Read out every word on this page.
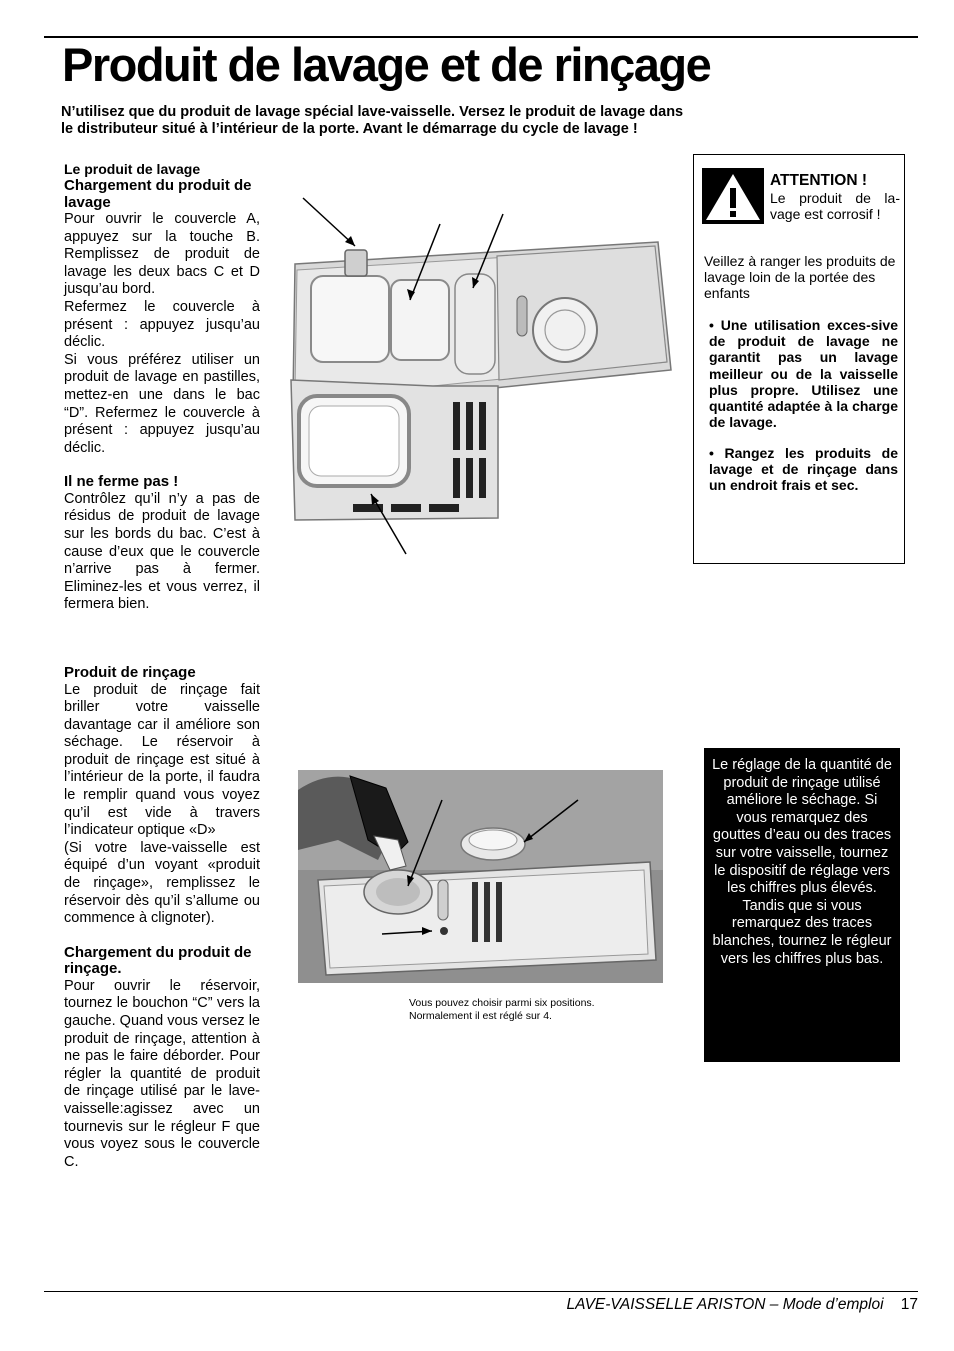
Produit de lavage et de rinçage

N’utilisez que du produit de lavage spécial lave-vaisselle. Versez le produit de lavage dans le distributeur situé à l’intérieur de la porte. Avant le démarrage du cycle de lavage !

Le produit de lavage

Chargement du produit de lavage

Pour ouvrir le couvercle A, appuyez sur la touche B. Remplissez de produit de lavage les deux bacs C et D jusqu’au bord.

Refermez le couvercle à présent : appuyez jusqu’au déclic.

Si vous préférez utiliser un produit de lavage en pastilles, mettez-en une dans le bac “D”. Refermez le couvercle à présent : appuyez jusqu’au déclic.

Il ne ferme pas !

Contrôlez qu’il n’y a pas de résidus de produit de lavage sur les bords du bac. C’est à cause d’eux que le couvercle n’arrive pas à fermer. Eliminez-les et vous verrez, il fermera bien.

Produit de rinçage

Le produit de rinçage fait briller votre vaisselle davantage car il améliore son séchage. Le réservoir à produit de rinçage est situé à l’intérieur de la porte, il faudra le remplir quand vous voyez qu’il est vide à travers l’indicateur optique «D»

(Si votre lave-vaisselle est équipé d’un voyant «produit de rinçage», remplissez le réservoir dès qu’il s’allume ou commence à clignoter).

Chargement du produit de rinçage.

Pour ouvrir le réservoir, tournez le bouchon “C” vers la gauche. Quand vous versez le produit de rinçage, attention à ne pas le faire déborder. Pour régler la quantité de produit de rinçage utilisé par le lave-vaisselle:agissez avec un tournevis sur le régleur F que vous voyez sous le couvercle C.

ATTENTION !
Le produit de la-vage est corrosif !
Veillez à ranger les produits de lavage loin de la portée des enfants
• Une utilisation exces-sive de produit de lavage ne garantit pas un lavage meilleur ou de la vaisselle plus propre. Utilisez une quantité adaptée à la charge de lavage.
• Rangez les produits de lavage et de rinçage dans un endroit frais et sec.
Vous pouvez choisir parmi six positions. Normalement il est réglé sur 4.
Le réglage de la quantité de produit de rinçage utilisé améliore le séchage. Si vous remarquez des gouttes d’eau ou des traces sur votre vaisselle, tournez le dispositif de réglage vers les chiffres plus élevés. Tandis que si vous remarquez des traces blanches, tournez le régleur vers les chiffres plus bas.
LAVE-VAISSELLE ARISTON – Mode d’emploi 17
